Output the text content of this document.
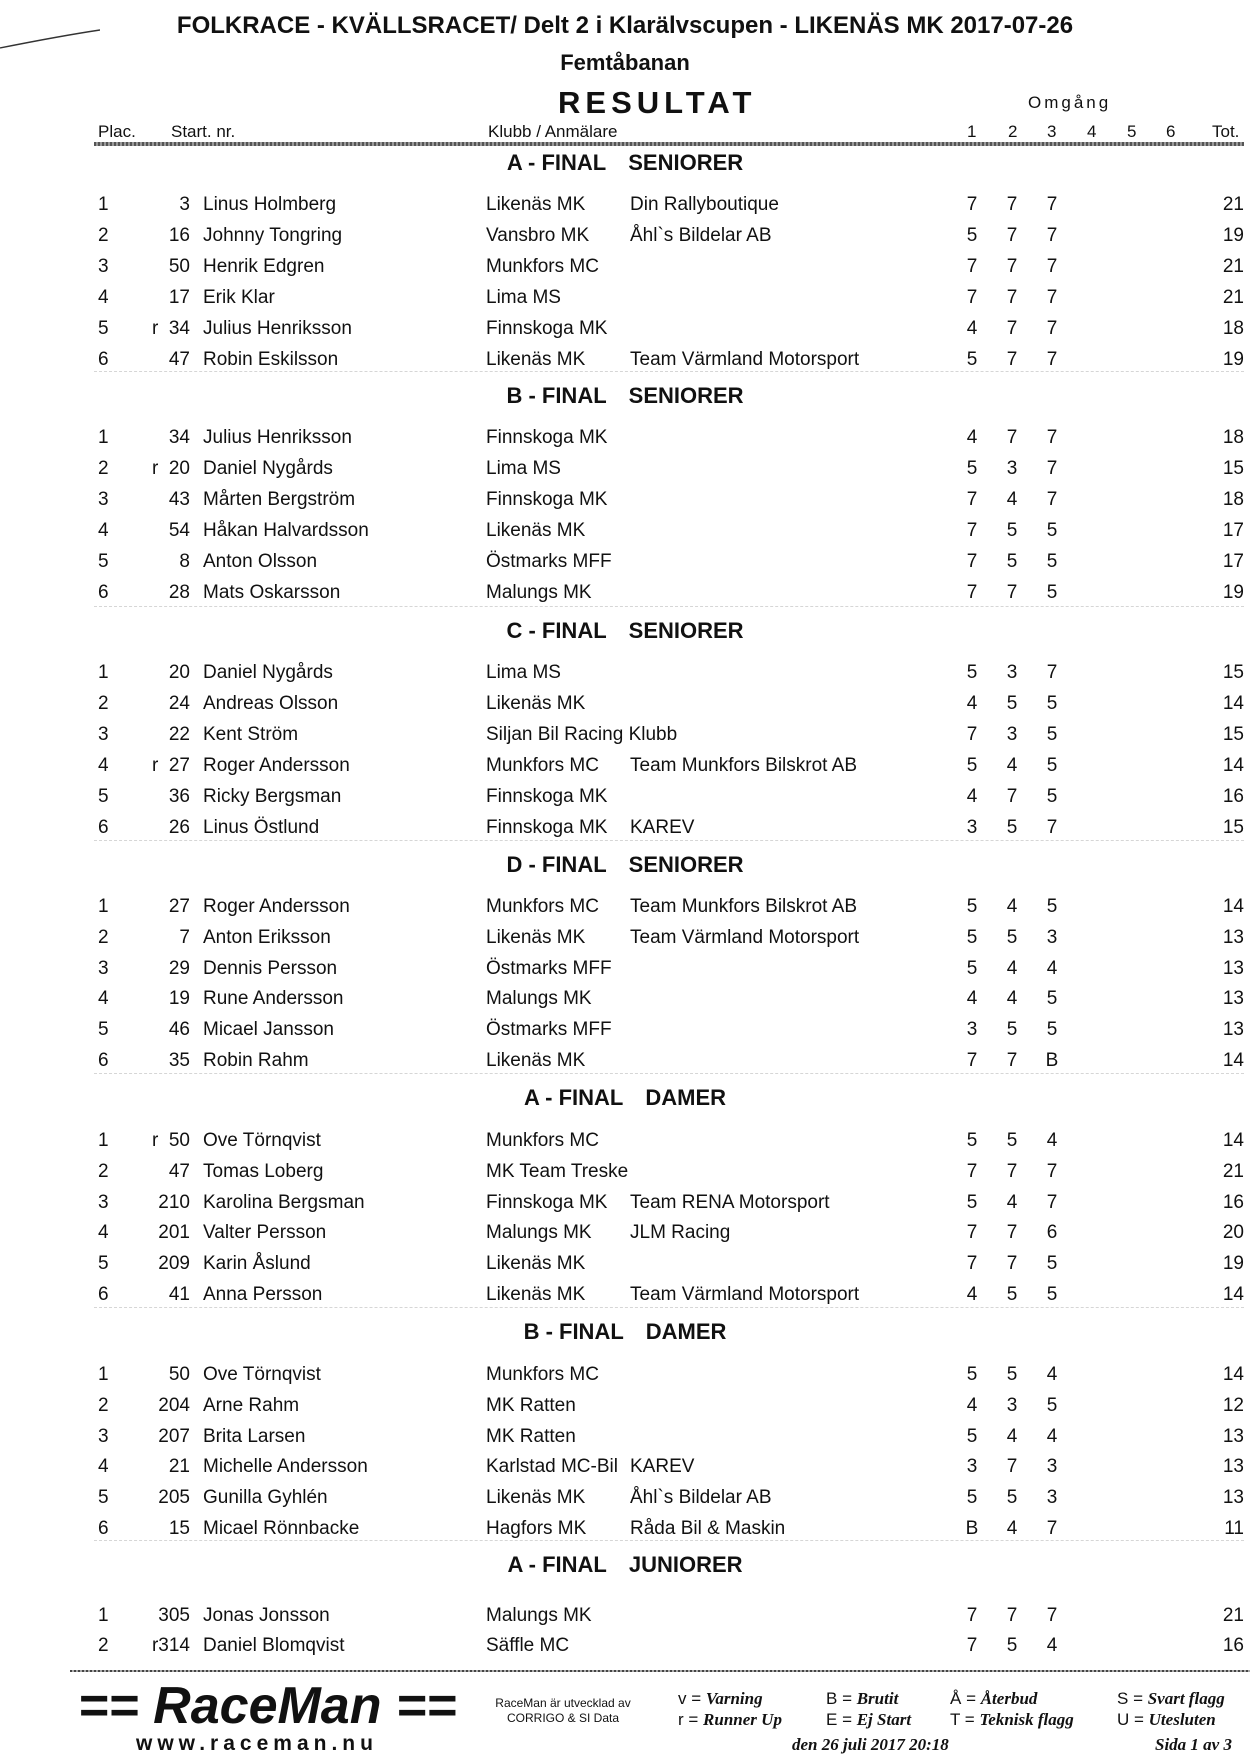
FOLKRACE - KVÄLLSRACET/ Delt 2 i Klarälvscupen - LIKENÄS MK 2017-07-26
Femtåbanan
RESULTAT	Omgång
Plac. Start. nr.	Klubb / Anmälare	1 2 3 4 5 6 Tot.
A - FINAL SENIORER
1	3 Linus Holmberg	Likenäs MK Din Rallyboutique	7 7 7	21
2	16 Johnny Tongring	Vansbro MK Åhl`s Bildelar AB	5 7 7	19
3	50 Henrik Edgren	Munkfors MC	7 7 7	21
4	17 Erik Klar	Lima MS	7 7 7	21
5 r 34 Julius Henriksson	Finnskoga MK	4 7 7	18
6	47 Robin Eskilsson	Likenäs MK Team Värmland Motorsport	5 7 7	19
B - FINAL SENIORER
1	34 Julius Henriksson	Finnskoga MK	4 7 7	18
2 r 20 Daniel Nygårds	Lima MS	5 3 7	15
3	43 Mårten Bergström	Finnskoga MK	7 4 7	18
4	54 Håkan Halvardsson	Likenäs MK	7 5 5	17
5	8 Anton Olsson	Östmarks MFF	7 5 5	17
6	28 Mats Oskarsson	Malungs MK	7 7 5	19
C - FINAL SENIORER
1	20 Daniel Nygårds	Lima MS	5 3 7	15
2	24 Andreas Olsson	Likenäs MK	4 5 5	14
3	22 Kent Ström	Siljan Bil Racing Klubb	7 3 5	15
4 r 27 Roger Andersson	Munkfors MC Team Munkfors Bilskrot AB	5 4 5	14
5	36 Ricky Bergsman	Finnskoga MK	4 7 5	16
6	26 Linus Östlund	Finnskoga MK KAREV	3 5 7	15
D - FINAL SENIORER
1	27 Roger Andersson	Munkfors MC Team Munkfors Bilskrot AB	5 4 5	14
2	7 Anton Eriksson	Likenäs MK Team Värmland Motorsport	5 5 3	13
3	29 Dennis Persson	Östmarks MFF	5 4 4	13
4	19 Rune Andersson	Malungs MK	4 4 5	13
5	46 Micael Jansson	Östmarks MFF	3 5 5	13
6	35 Robin Rahm	Likenäs MK	7 7 B	14
A - FINAL DAMER
1 r 50 Ove Törnqvist	Munkfors MC	5 5 4	14
2	47 Tomas Loberg	MK Team Treske	7 7 7	21
3	210 Karolina Bergsman	Finnskoga MK Team RENA Motorsport	5 4 7	16
4	201 Valter Persson	Malungs MK JLM Racing	7 7 6	20
5	209 Karin Åslund	Likenäs MK	7 7 5	19
6	41 Anna Persson	Likenäs MK Team Värmland Motorsport	4 5 5	14
B - FINAL DAMER
1	50 Ove Törnqvist	Munkfors MC	5 5 4	14
2	204 Arne Rahm	MK Ratten	4 3 5	12
3	207 Brita Larsen	MK Ratten	5 4 4	13
4	21 Michelle Andersson	Karlstad MC-Bil KAREV	3 7 3	13
5	205 Gunilla Gyhlén	Likenäs MK Åhl`s Bildelar AB	5 5 3	13
6	15 Micael Rönnbacke	Hagfors MK Råda Bil & Maskin	B 4 7	11
A - FINAL JUNIORER
1	305 Jonas Jonsson	Malungs MK	7 7 7	21
2 r 314 Daniel Blomqvist	Säffle MC	7 5 4	16
== RaceMan ==
www.raceman.nu
RaceMan är utvecklad av
CORRIGO & SI Data
v = Varning
r = Runner Up
B = Brutit
E = Ej Start
Å = Återbud
T = Teknisk flagg
S = Svart flagg
U = Utesluten
den 26 juli 2017 20:18	Sida 1 av 3
